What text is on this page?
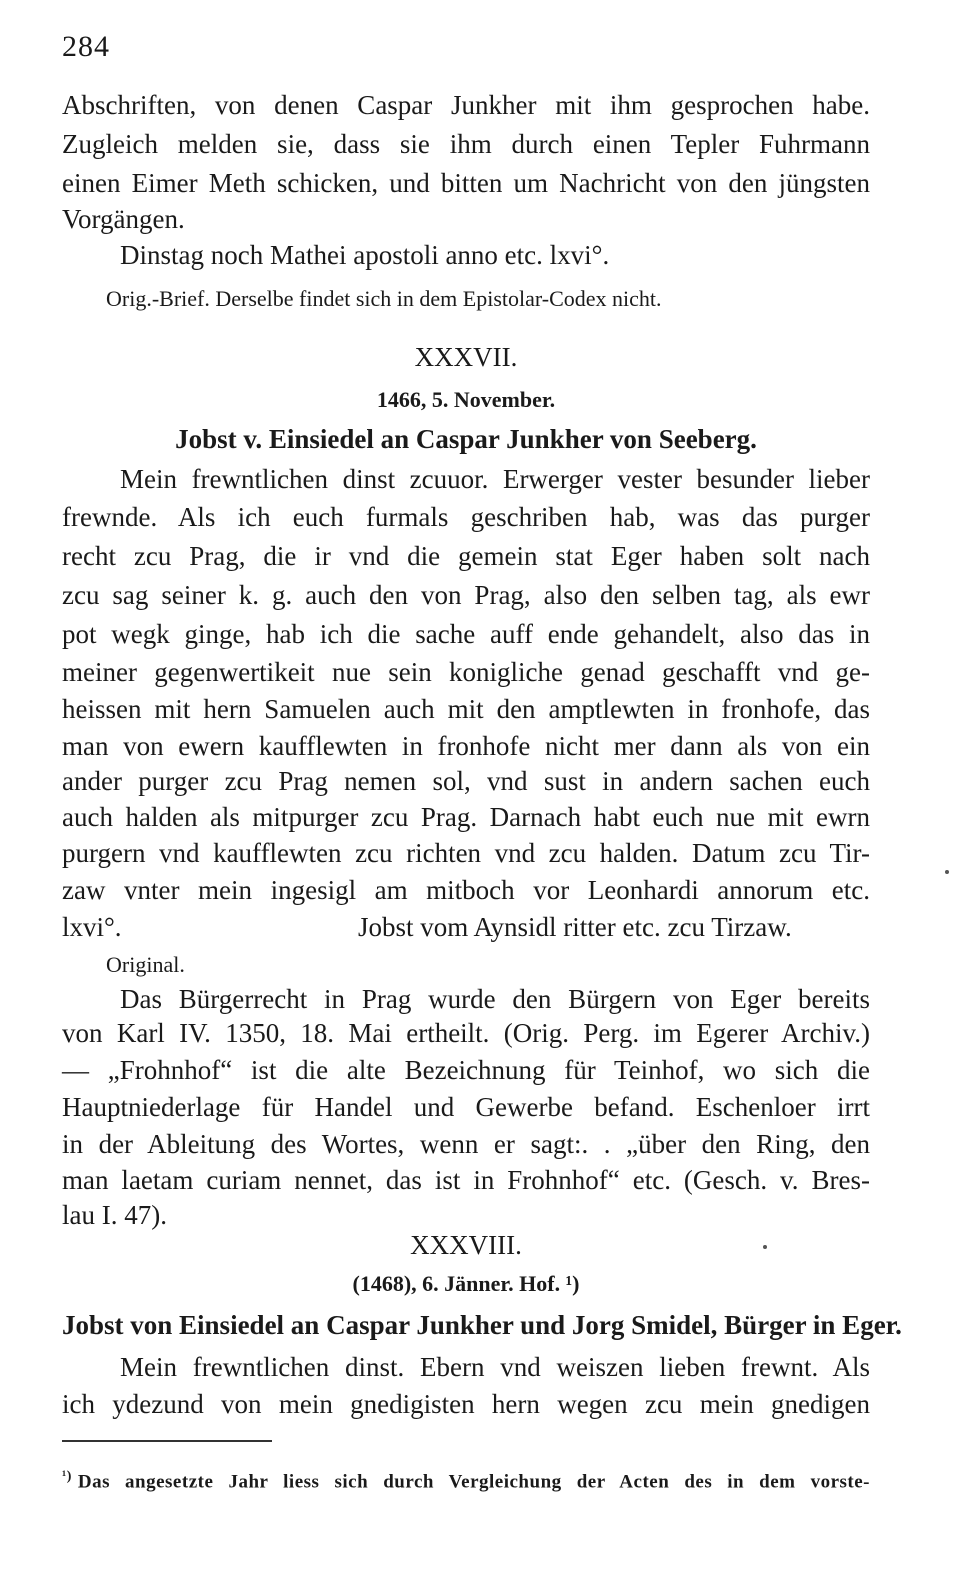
284
Abschriften, von denen Caspar Junkher mit ihm gesprochen habe.
Zugleich melden sie, dass sie ihm durch einen Tepler Fuhrmann
einen Eimer Meth schicken, und bitten um Nachricht von den jüngsten
Vorgängen.
Dinstag noch Mathei apostoli anno etc. lxvi°.
Orig.-Brief. Derselbe findet sich in dem Epistolar-Codex nicht.
XXXVII.
1466, 5. November.
Jobst v. Einsiedel an Caspar Junkher von Seeberg.
Mein frewntlichen dinst zcuuor. Erwerger vester besunder lieber
frewnde. Als ich euch furmals geschriben hab, was das purger
recht zcu Prag, die ir vnd die gemein stat Eger haben solt nach
zcu sag seiner k. g. auch den von Prag, also den selben tag, als ewr
pot wegk ginge, hab ich die sache auff ende gehandelt, also das in
meiner gegenwertikeit nue sein konigliche genad geschafft vnd ge-
heissen mit hern Samuelen auch mit den amptlewten in fronhofe, das
man von ewern kaufflewten in fronhofe nicht mer dann als von ein
ander purger zcu Prag nemen sol, vnd sust in andern sachen euch
auch halden als mitpurger zcu Prag. Darnach habt euch nue mit ewrn
purgern vnd kaufflewten zcu richten vnd zcu halden. Datum zcu Tir-
zaw vnter mein ingesigl am mitboch vor Leonhardi annorum etc.
lxvi°.	Jobst vom Aynsidl ritter etc. zcu Tirzaw.
Original.
Das Bürgerrecht in Prag wurde den Bürgern von Eger bereits
von Karl IV. 1350, 18. Mai ertheilt. (Orig. Perg. im Egerer Archiv.)
— „Frohnhof“ ist die alte Bezeichnung für Teinhof, wo sich die
Hauptniederlage für Handel und Gewerbe befand. Eschenloer irrt
in der Ableitung des Wortes, wenn er sagt:. . „über den Ring, den
man laetam curiam nennet, das ist in Frohnhof“ etc. (Gesch. v. Bres-
lau I. 47).
XXXVIII.
(1468), 6. Jänner. Hof. ¹)
Jobst von Einsiedel an Caspar Junkher und Jorg Smidel, Bürger in Eger.
Mein frewntlichen dinst. Ebern vnd weiszen lieben frewnt. Als
ich ydezund von mein gnedigisten hern wegen zcu mein gnedigen
$^{^1)}$ Das angesetzte Jahr liess sich durch Vergleichung der Acten des in dem vorste-
